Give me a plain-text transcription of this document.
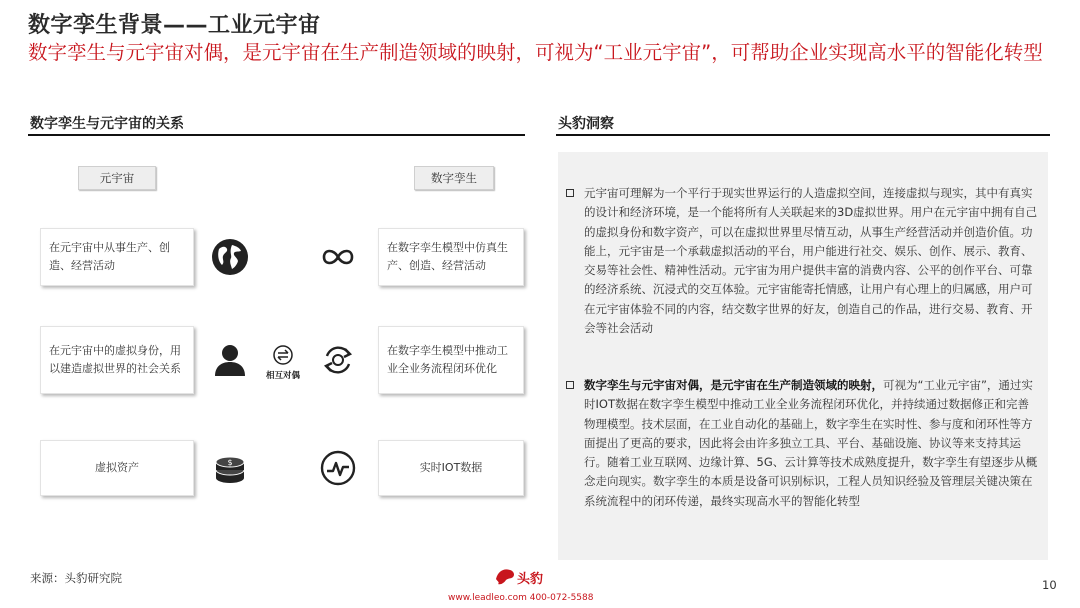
数字孪生背景——工业元宇宙
数字孪生与元宇宙对偶，是元宇宙在生产制造领域的映射，可视为“工业元宇宙”，可帮助企业实现高水平的智能化转型
数字孪生与元宇宙的关系	头豹洞察
元宇宙	数字孪生
在元宇宙中从事生产、创造、经营活动
在数字孪生模型中仿真生产、创造、经营活动
在元宇宙中的虚拟身份，用以建造虚拟世界的社会关系
相互对偶
在数字孪生模型中推动工业全业务流程闭环优化
虚拟资产	$	实时IOT数据
元宇宙可理解为一个平行于现实世界运行的人造虚拟空间，连接虚拟与现实，其中有真实的设计和经济环境，是一个能将所有人关联起来的3D虚拟世界。用户在元宇宙中拥有自己的虚拟身份和数字资产，可以在虚拟世界里尽情互动，从事生产经营活动并创造价值。功能上，元宇宙是一个承载虚拟活动的平台，用户能进行社交、娱乐、创作、展示、教育、交易等社会性、精神性活动。元宇宙为用户提供丰富的消费内容、公平的创作平台、可靠的经济系统、沉浸式的交互体验。元宇宙能寄托情感，让用户有心理上的归属感，用户可在元宇宙体验不同的内容，结交数字世界的好友，创造自己的作品，进行交易、教育、开会等社会活动
数字孪生与元宇宙对偶，是元宇宙在生产制造领域的映射，可视为“工业元宇宙”，通过实时IOT数据在数字孪生模型中推动工业全业务流程闭环优化，并持续通过数据修正和完善物理模型。技术层面，在工业自动化的基础上，数字孪生在实时性、参与度和闭环性等方面提出了更高的要求，因此将会由许多独立工具、平台、基础设施、协议等来支持其运行。随着工业互联网、边缘计算、5G、云计算等技术成熟度提升，数字孪生有望逐步从概念走向现实。数字孪生的本质是设备可识别标识，工程人员知识经验及管理层关键决策在系统流程中的闭环传递，最终实现高水平的智能化转型
来源：头豹研究院	头豹
www.leadleo.com 400-072-5588
10
